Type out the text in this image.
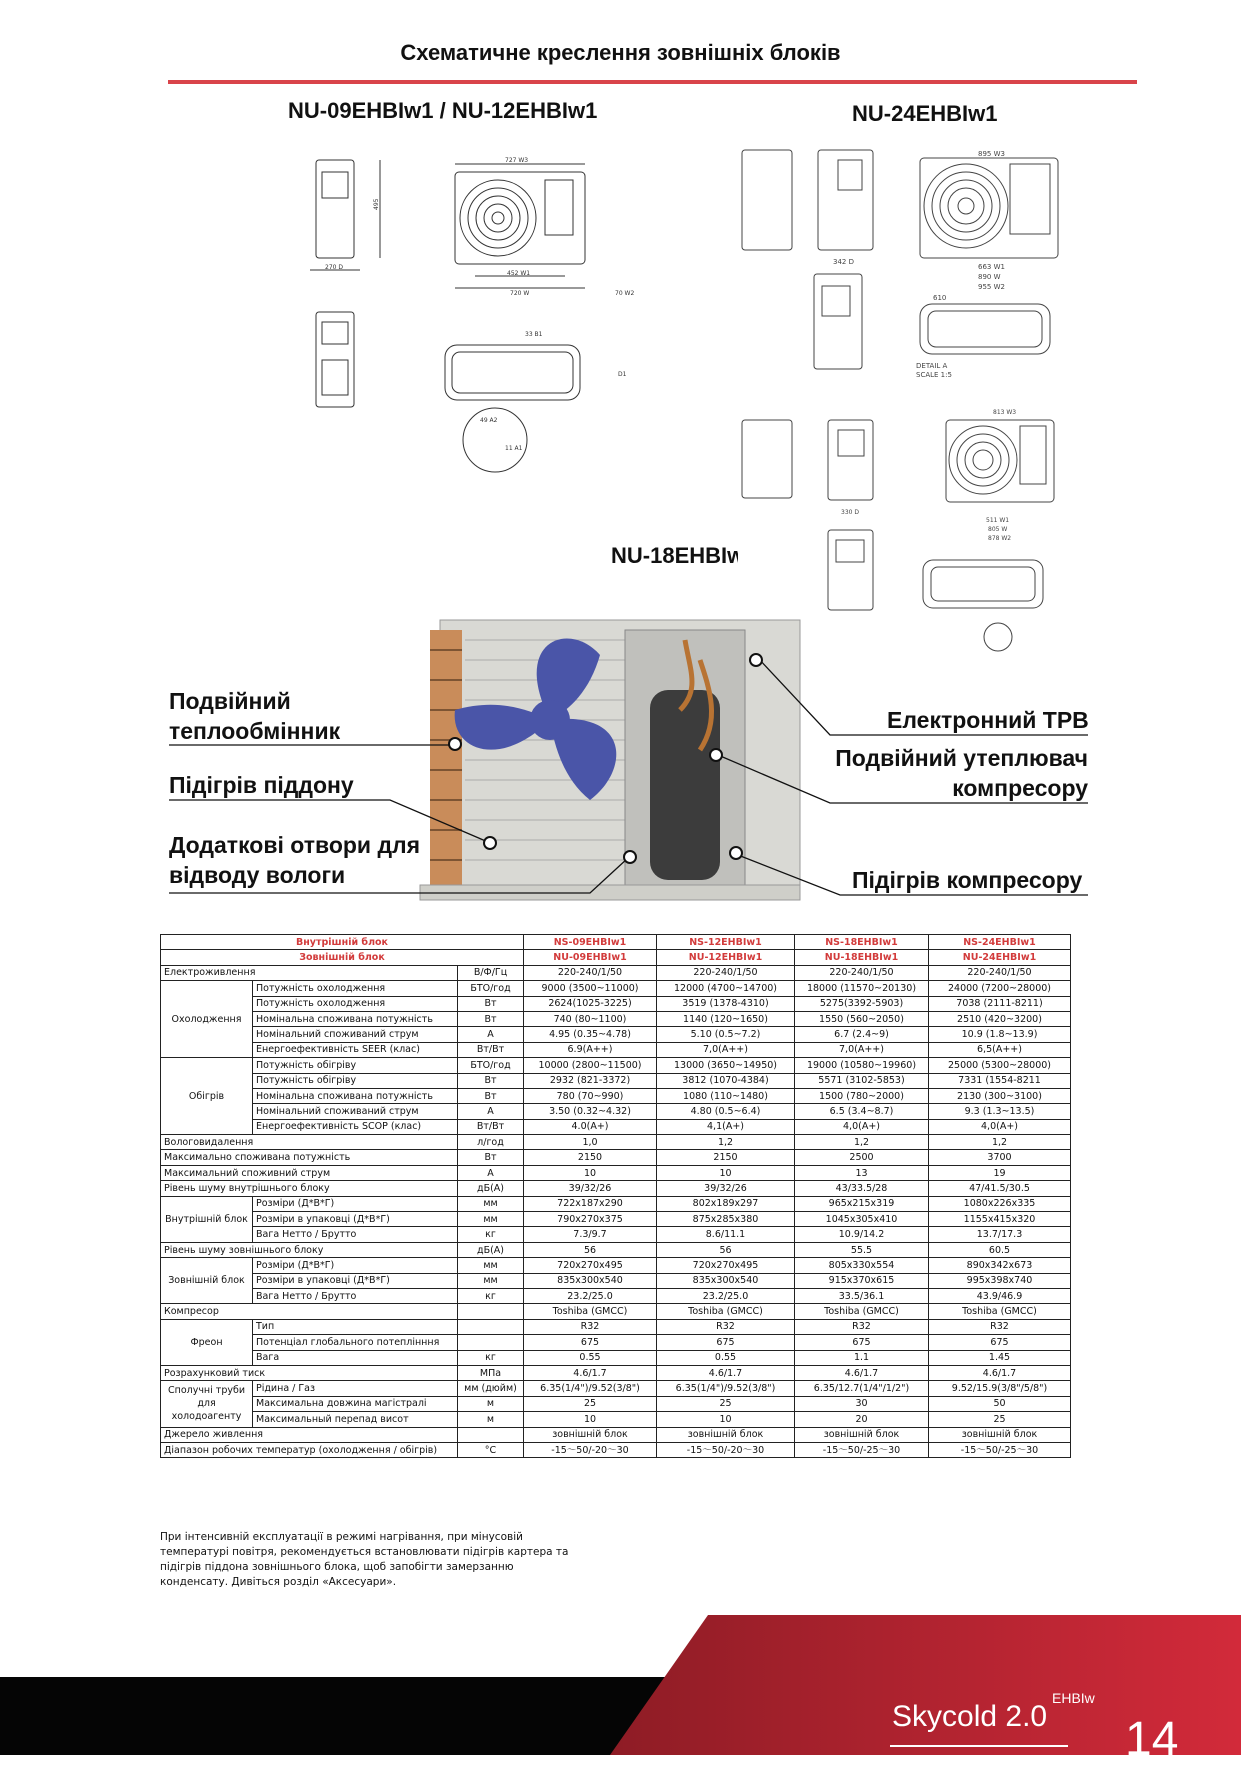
Схематичне креслення зовнішніх блоків
NU-09EHBIw1 / NU-12EHBIw1	NU-24EHBIw1
NU-18EHBIw1
270 D
495
727 W3
452 W1
720 W	70 W2
33 B1
D1
49 A2
11 A1
342 D
895 W3
663 W1
890 W
955 W2
610
DETAIL A
SCALE 1:5
330 D
813 W3
511 W1
805 W
878 W2
Подвійний теплообмінник
Підігрів піддону
Додаткові отвори для відводу вологи
Електронний ТРВ
Подвійний утеплювач компресору
Підігрів компресору
Внутрішній блок			NS-09EHBIw1	NS-12EHBIw1	NS-18EHBIw1	NS-24EHBIw1
Зовнішній блок			NU-09EHBIw1	NU-12EHBIw1	NU-18EHBIw1	NU-24EHBIw1
Електроживлення		В/Ф/Гц	220-240/1/50	220-240/1/50	220-240/1/50	220-240/1/50
Охолодження	Потужність охолодження	БТО/год	9000 (3500~11000)	12000 (4700~14700)	18000 (11570~20130)	24000 (7200~28000)
	Потужність охолодження	Вт	2624(1025-3225)	3519 (1378-4310)	5275(3392-5903)	7038 (2111-8211)
	Номінальна споживана потужність	Вт	740 (80~1100)	1140 (120~1650)	1550 (560~2050)	2510 (420~3200)
	Номінальний споживаний струм	А	4.95 (0.35~4.78)	5.10 (0.5~7.2)	6.7 (2.4~9)	10.9 (1.8~13.9)
	Енергоефективність SEER (клас)	Вт/Вт	6.9(A++)	7,0(A++)	7,0(A++)	6,5(A++)
Обігрів	Потужність обігріву	БТО/год	10000 (2800~11500)	13000 (3650~14950)	19000 (10580~19960)	25000 (5300~28000)
	Потужність обігріву	Вт	2932 (821-3372)	3812 (1070-4384)	5571 (3102-5853)	7331 (1554-8211
	Номінальна споживана потужність	Вт	780 (70~990)	1080 (110~1480)	1500 (780~2000)	2130 (300~3100)
	Номінальний споживаний струм	А	3.50 (0.32~4.32)	4.80 (0.5~6.4)	6.5 (3.4~8.7)	9.3 (1.3~13.5)
	Енергоефективність SCOP (клас)	Вт/Вт	4.0(A+)	4,1(A+)	4,0(A+)	4,0(A+)
Вологовидалення		л/год	1,0	1,2	1,2	1,2
Максимально споживана потужність		Вт	2150	2150	2500	3700
Максимальний споживний струм		А	10	10	13	19
Рівень шуму внутрішнього блоку		дБ(А)	39/32/26	39/32/26	43/33.5/28	47/41.5/30.5
Внутрішній блок	Розміри (Д*В*Г)	мм	722x187x290	802x189x297	965x215x319	1080x226x335
	Розміри в упаковці (Д*В*Г)	мм	790x270x375	875x285x380	1045x305x410	1155x415x320
	Вага Нетто / Брутто	кг	7.3/9.7	8.6/11.1	10.9/14.2	13.7/17.3
Рівень шуму зовнішнього блоку		дБ(А)	56	56	55.5	60.5
Зовнішній блок	Розміри (Д*В*Г)	мм	720x270x495	720x270x495	805x330x554	890x342x673
	Розміри в упаковці (Д*В*Г)	мм	835x300x540	835x300x540	915x370x615	995x398x740
	Вага Нетто / Брутто	кг	23.2/25.0	23.2/25.0	33.5/36.1	43.9/46.9
Компресор			Toshiba (GMCC)	Toshiba (GMCC)	Toshiba (GMCC)	Toshiba (GMCC)
Фреон	Тип		R32	R32	R32	R32
	Потенціал глобального потеплінння		675	675	675	675
	Вага	кг	0.55	0.55	1.1	1.45
Розрахунковий тиск		МПа	4.6/1.7	4.6/1.7	4.6/1.7	4.6/1.7
Сполучні труби для холодоагенту	Рідина / Газ	мм (дюйм)	6.35(1/4")/9.52(3/8")	6.35(1/4")/9.52(3/8")	6.35/12.7(1/4"/1/2")	9.52/15.9(3/8"/5/8")
	Максимальна довжина магістралі	м	25	25	30	50
	Максимальный перепад висот	м	10	10	20	25
Джерело живлення			зовнішній блок	зовнішній блок	зовнішній блок	зовнішній блок
Діапазон робочих температур (охолодження / обігрів)		°C	-15～50/-20～30	-15～50/-20～30	-15～50/-25～30	-15～50/-25～30
При інтенсивній експлуатації в режимі нагрівання, при мінусовій температурі повітря, рекомендується встановлювати підігрів картера та підігрів піддона зовнішнього блока, щоб запобігти замерзанню конденсату. Дивіться розділ «Аксесуари».
Skycold 2.0
EHBIw
ТЕХНІЧНІ ХАРАКТЕРИСТИКИ
14
